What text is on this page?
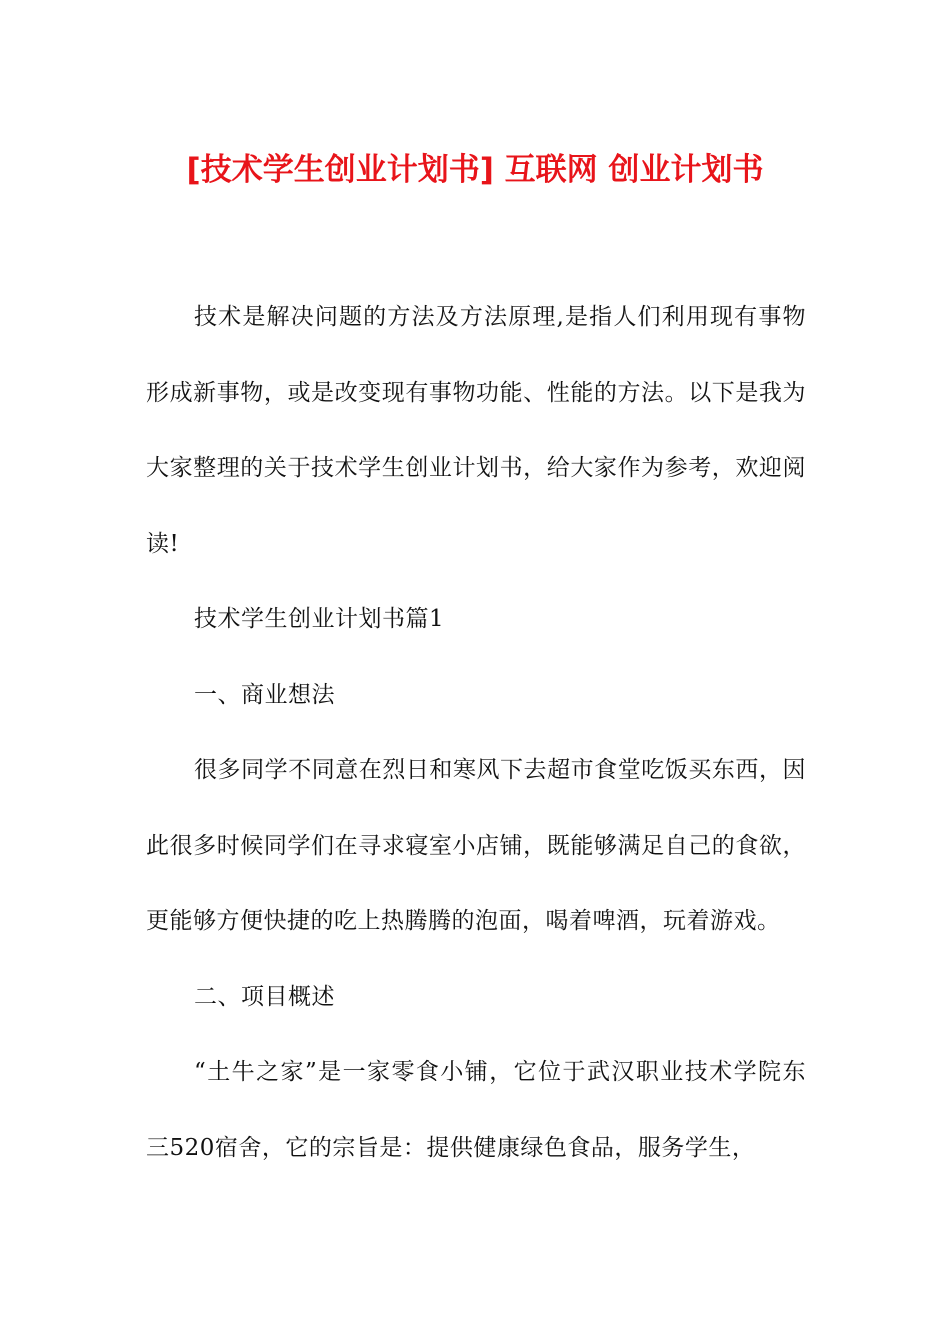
[技术学生创业计划书] 互联网 创业计划书

技术是解决问题的方法及方法原理,是指人们利用现有事物形成新事物，或是改变现有事物功能、性能的方法。以下是我为大家整理的关于技术学生创业计划书，给大家作为参考，欢迎阅读!

技术学生创业计划书篇1

一、商业想法

很多同学不同意在烈日和寒风下去超市食堂吃饭买东西，因此很多时候同学们在寻求寝室小店铺，既能够满足自己的食欲，更能够方便快捷的吃上热腾腾的泡面，喝着啤酒，玩着游戏。

二、项目概述

“土牛之家”是一家零食小铺，它位于武汉职业技术学院东三520宿舍，它的宗旨是：提供健康绿色食品，服务学生，
